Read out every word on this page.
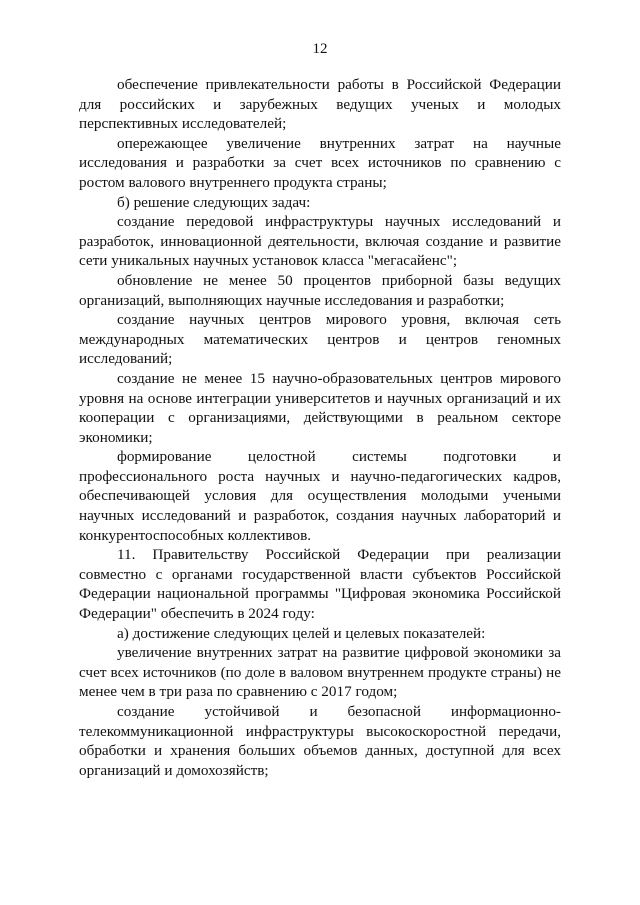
12

обеспечение привлекательности работы в Российской Федерации для российских и зарубежных ведущих ученых и молодых перспективных исследователей;

опережающее увеличение внутренних затрат на научные исследования и разработки за счет всех источников по сравнению с ростом валового внутреннего продукта страны;

б) решение следующих задач:

создание передовой инфраструктуры научных исследований и разработок, инновационной деятельности, включая создание и развитие сети уникальных научных установок класса "мегасайенс";

обновление не менее 50 процентов приборной базы ведущих организаций, выполняющих научные исследования и разработки;

создание научных центров мирового уровня, включая сеть международных математических центров и центров геномных исследований;

создание не менее 15 научно-образовательных центров мирового уровня на основе интеграции университетов и научных организаций и их кооперации с организациями, действующими в реальном секторе экономики;

формирование целостной системы подготовки и профессионального роста научных и научно-педагогических кадров, обеспечивающей условия для осуществления молодыми учеными научных исследований и разработок, создания научных лабораторий и конкурентоспособных коллективов.

11. Правительству Российской Федерации при реализации совместно с органами государственной власти субъектов Российской Федерации национальной программы "Цифровая экономика Российской Федерации" обеспечить в 2024 году:

а) достижение следующих целей и целевых показателей:

увеличение внутренних затрат на развитие цифровой экономики за счет всех источников (по доле в валовом внутреннем продукте страны) не менее чем в три раза по сравнению с 2017 годом;

создание устойчивой и безопасной информационно-телекоммуникационной инфраструктуры высокоскоростной передачи, обработки и хранения больших объемов данных, доступной для всех организаций и домохозяйств;
